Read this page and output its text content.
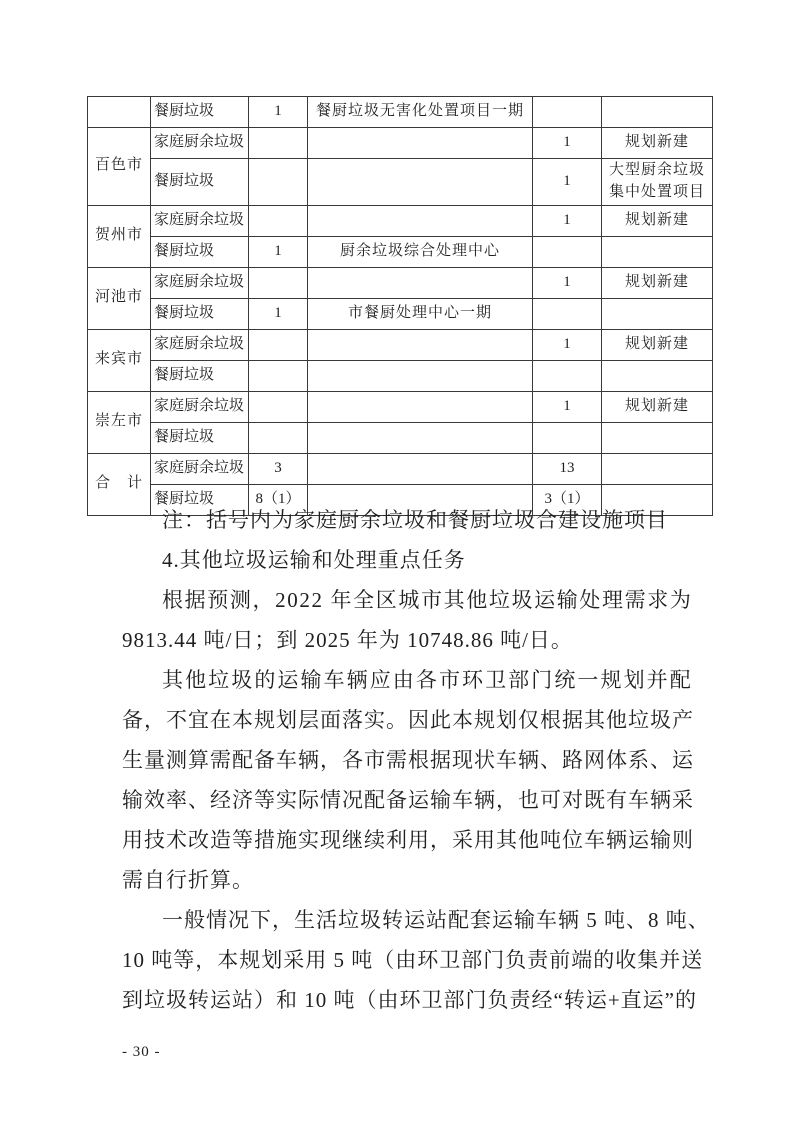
	餐厨垃圾	1	餐厨垃圾无害化处置项目一期		
百色市	家庭厨余垃圾			1	规划新建
	餐厨垃圾			1	大型厨余垃圾集中处置项目
贺州市	家庭厨余垃圾			1	规划新建
	餐厨垃圾	1	厨余垃圾综合处理中心		
河池市	家庭厨余垃圾			1	规划新建
	餐厨垃圾	1	市餐厨处理中心一期		
来宾市	家庭厨余垃圾			1	规划新建
	餐厨垃圾				
崇左市	家庭厨余垃圾			1	规划新建
	餐厨垃圾				
合　计	家庭厨余垃圾	3		13	
	餐厨垃圾	8（1）		3（1）	
注：括号内为家庭厨余垃圾和餐厨垃圾合建设施项目
4.其他垃圾运输和处理重点任务
根 据 预 测 ， 2 0 2 2
年 全 区 城 市 其 他 垃 圾 运 输 处 理 需 求 为
9813.44 吨/日；到 2025 年为 10748.86 吨/日。
其 他 垃 圾 的 运 输 车 辆 应 由 各 市 环 卫 部 门 统 一 规 划 并 配
备 ， 不 宜 在 本 规 划 层 面 落 实 。 因 此 本 规 划 仅 根 据 其 他 垃 圾 产
生 量 测 算 需 配 备 车 辆 ， 各 市 需 根 据 现 状 车 辆 、 路 网 体 系 、 运
输 效 率 、 经 济 等 实 际 情 况 配 备 运 输 车 辆 ， 也 可 对 既 有 车 辆 采
用 技 术 改 造 等 措 施 实 现 继 续 利 用 ， 采 用 其 他 吨 位 车 辆 运 输 则
需自行折算。
一 般 情 况 下 ， 生 活 垃 圾 转 运 站 配 套 运 输 车 辆
5
吨 、 8
吨 、
1 0
吨 等 ， 本 规 划 采 用
5
吨 （ 由 环 卫 部 门 负 责 前 端 的 收 集 并 送
到 垃 圾 转 运 站 ） 和
1 0
吨 （ 由 环 卫 部 门 负 责 经 “ 转 运 + 直 运 ” 的
- 30 -
